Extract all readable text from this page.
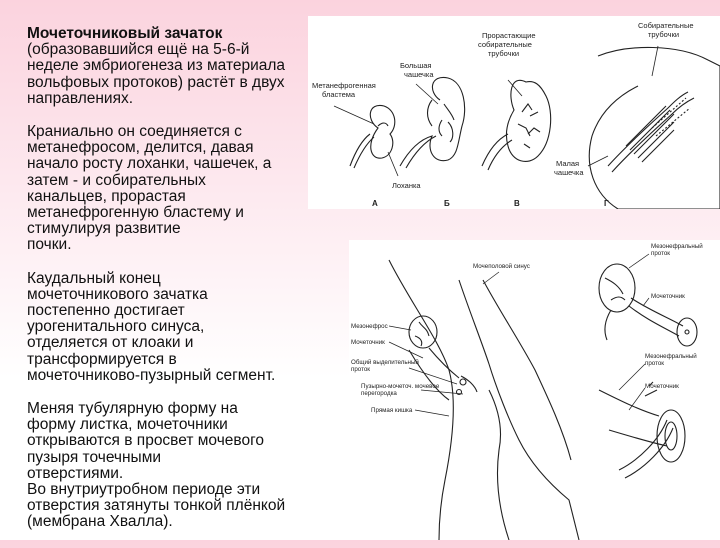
Мочеточниковый зачаток
(образовавшийся ещё на 5-6-й
неделе эмбриогенеза из материала
вольфовых протоков) растёт в двух
направлениях.

Краниально он соединяется с
метанефросом, делится, давая
начало росту лоханки, чашечек, а
затем - и собирательных
канальцев, прорастая
метанефрогенную бластему и
стимулируя развитие
почки.

Каудальный конец
мочеточникового зачатка
постепенно достигает
урогенитального синуса,
отделяется от клоаки и
трансформируется в
мочеточниково-пузырный сегмент.

Меняя тубулярную форму на
форму листка, мочеточники
открываются в просвет мочевого
пузыря точечными
отверстиями.
Во внутриутробном периоде эти
отверстия затянуты тонкой плёнкой
(мембрана Хвалла).

Метанефрогенная бластема
Большая чашечка
Прорастающие собирательные трубочки
Собирательные трубочки
Лоханка
Малая чашечка
А	Б	В	Г
Мочеполовой синус
Мезонефрос
Мочеточник
Общий выделительный проток
Пузырно-мочеточ. мочевое перегородка
Прямая кишка
Мезонефральный проток
Мочеточник
Мезонефральный проток
Мочеточник
